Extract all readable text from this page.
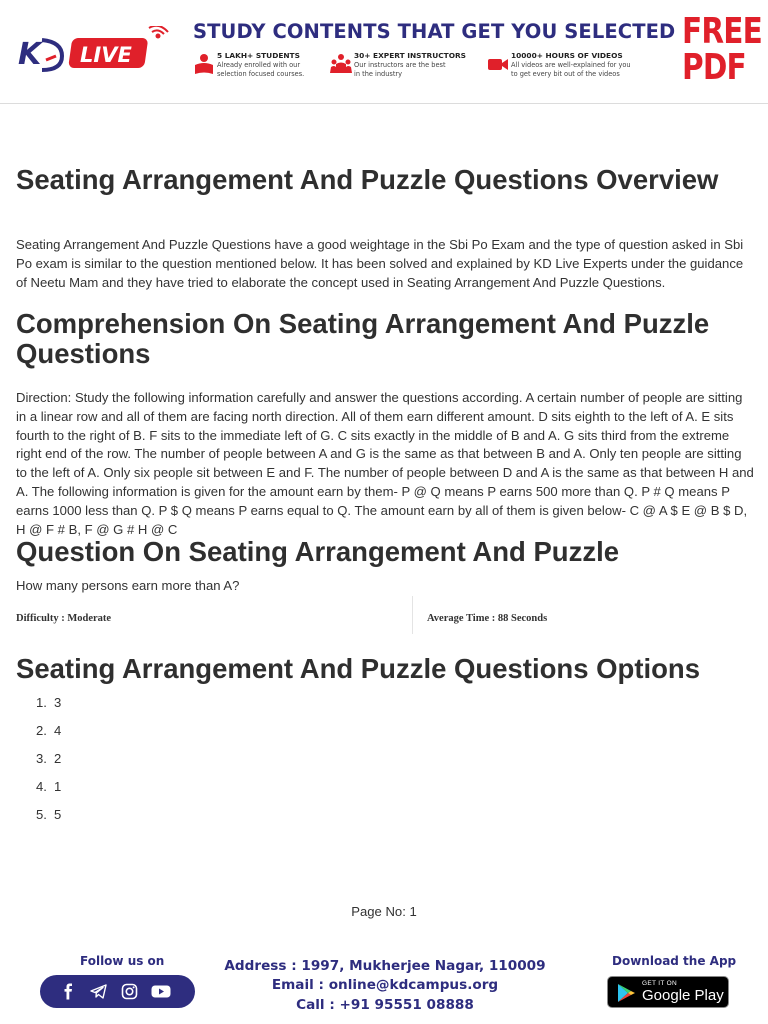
K LIVE
STUDY CONTENTS THAT GET YOU SELECTED
5 LAKH+ STUDENTS
Already enrolled with our
selection focused courses.
30+ EXPERT INSTRUCTORS
Our instructors are the best
in the industry
10000+ HOURS OF VIDEOS
All videos are well-explained for you
to get every bit out of the videos
FREE
PDF
Seating Arrangement And Puzzle Questions Overview
Seating Arrangement And Puzzle Questions have a good weightage in the Sbi Po Exam and the type of question asked in Sbi Po exam is similar to the question mentioned below. It has been solved and explained by KD Live Experts under the guidance of Neetu Mam and they have tried to elaborate the concept used in Seating Arrangement And Puzzle Questions.
Comprehension On Seating Arrangement And Puzzle Questions
Direction: Study the following information carefully and answer the questions according. A certain number of people are sitting in a linear row and all of them are facing north direction. All of them earn different amount. D sits eighth to the left of A. E sits fourth to the right of B. F sits to the immediate left of G. C sits exactly in the middle of B and A. G sits third from the extreme right end of the row. The number of people between A and G is the same as that between B and A. Only ten people are sitting to the left of A. Only six people sit between E and F. The number of people between D and A is the same as that between H and A. The following information is given for the amount earn by them- P @ Q means P earns 500 more than Q. P # Q means P earns 1000 less than Q. P $ Q means P earns equal to Q. The amount earn by all of them is given below- C @ A $ E @ B $ D, H @ F # B, F @ G # H @ C
Question On Seating Arrangement And Puzzle
How many persons earn more than A?
Difficulty : Moderate	Average Time : 88 Seconds
Seating Arrangement And Puzzle Questions Options
1. 3
2. 4
3. 2
4. 1
5. 5
Page No: 1
Follow us on	Address : 1997, Mukherjee Nagar, 110009
Email : online@kdcampus.org
Call : +91 95551 08888
Download the App
GET IT ON
Google Play
